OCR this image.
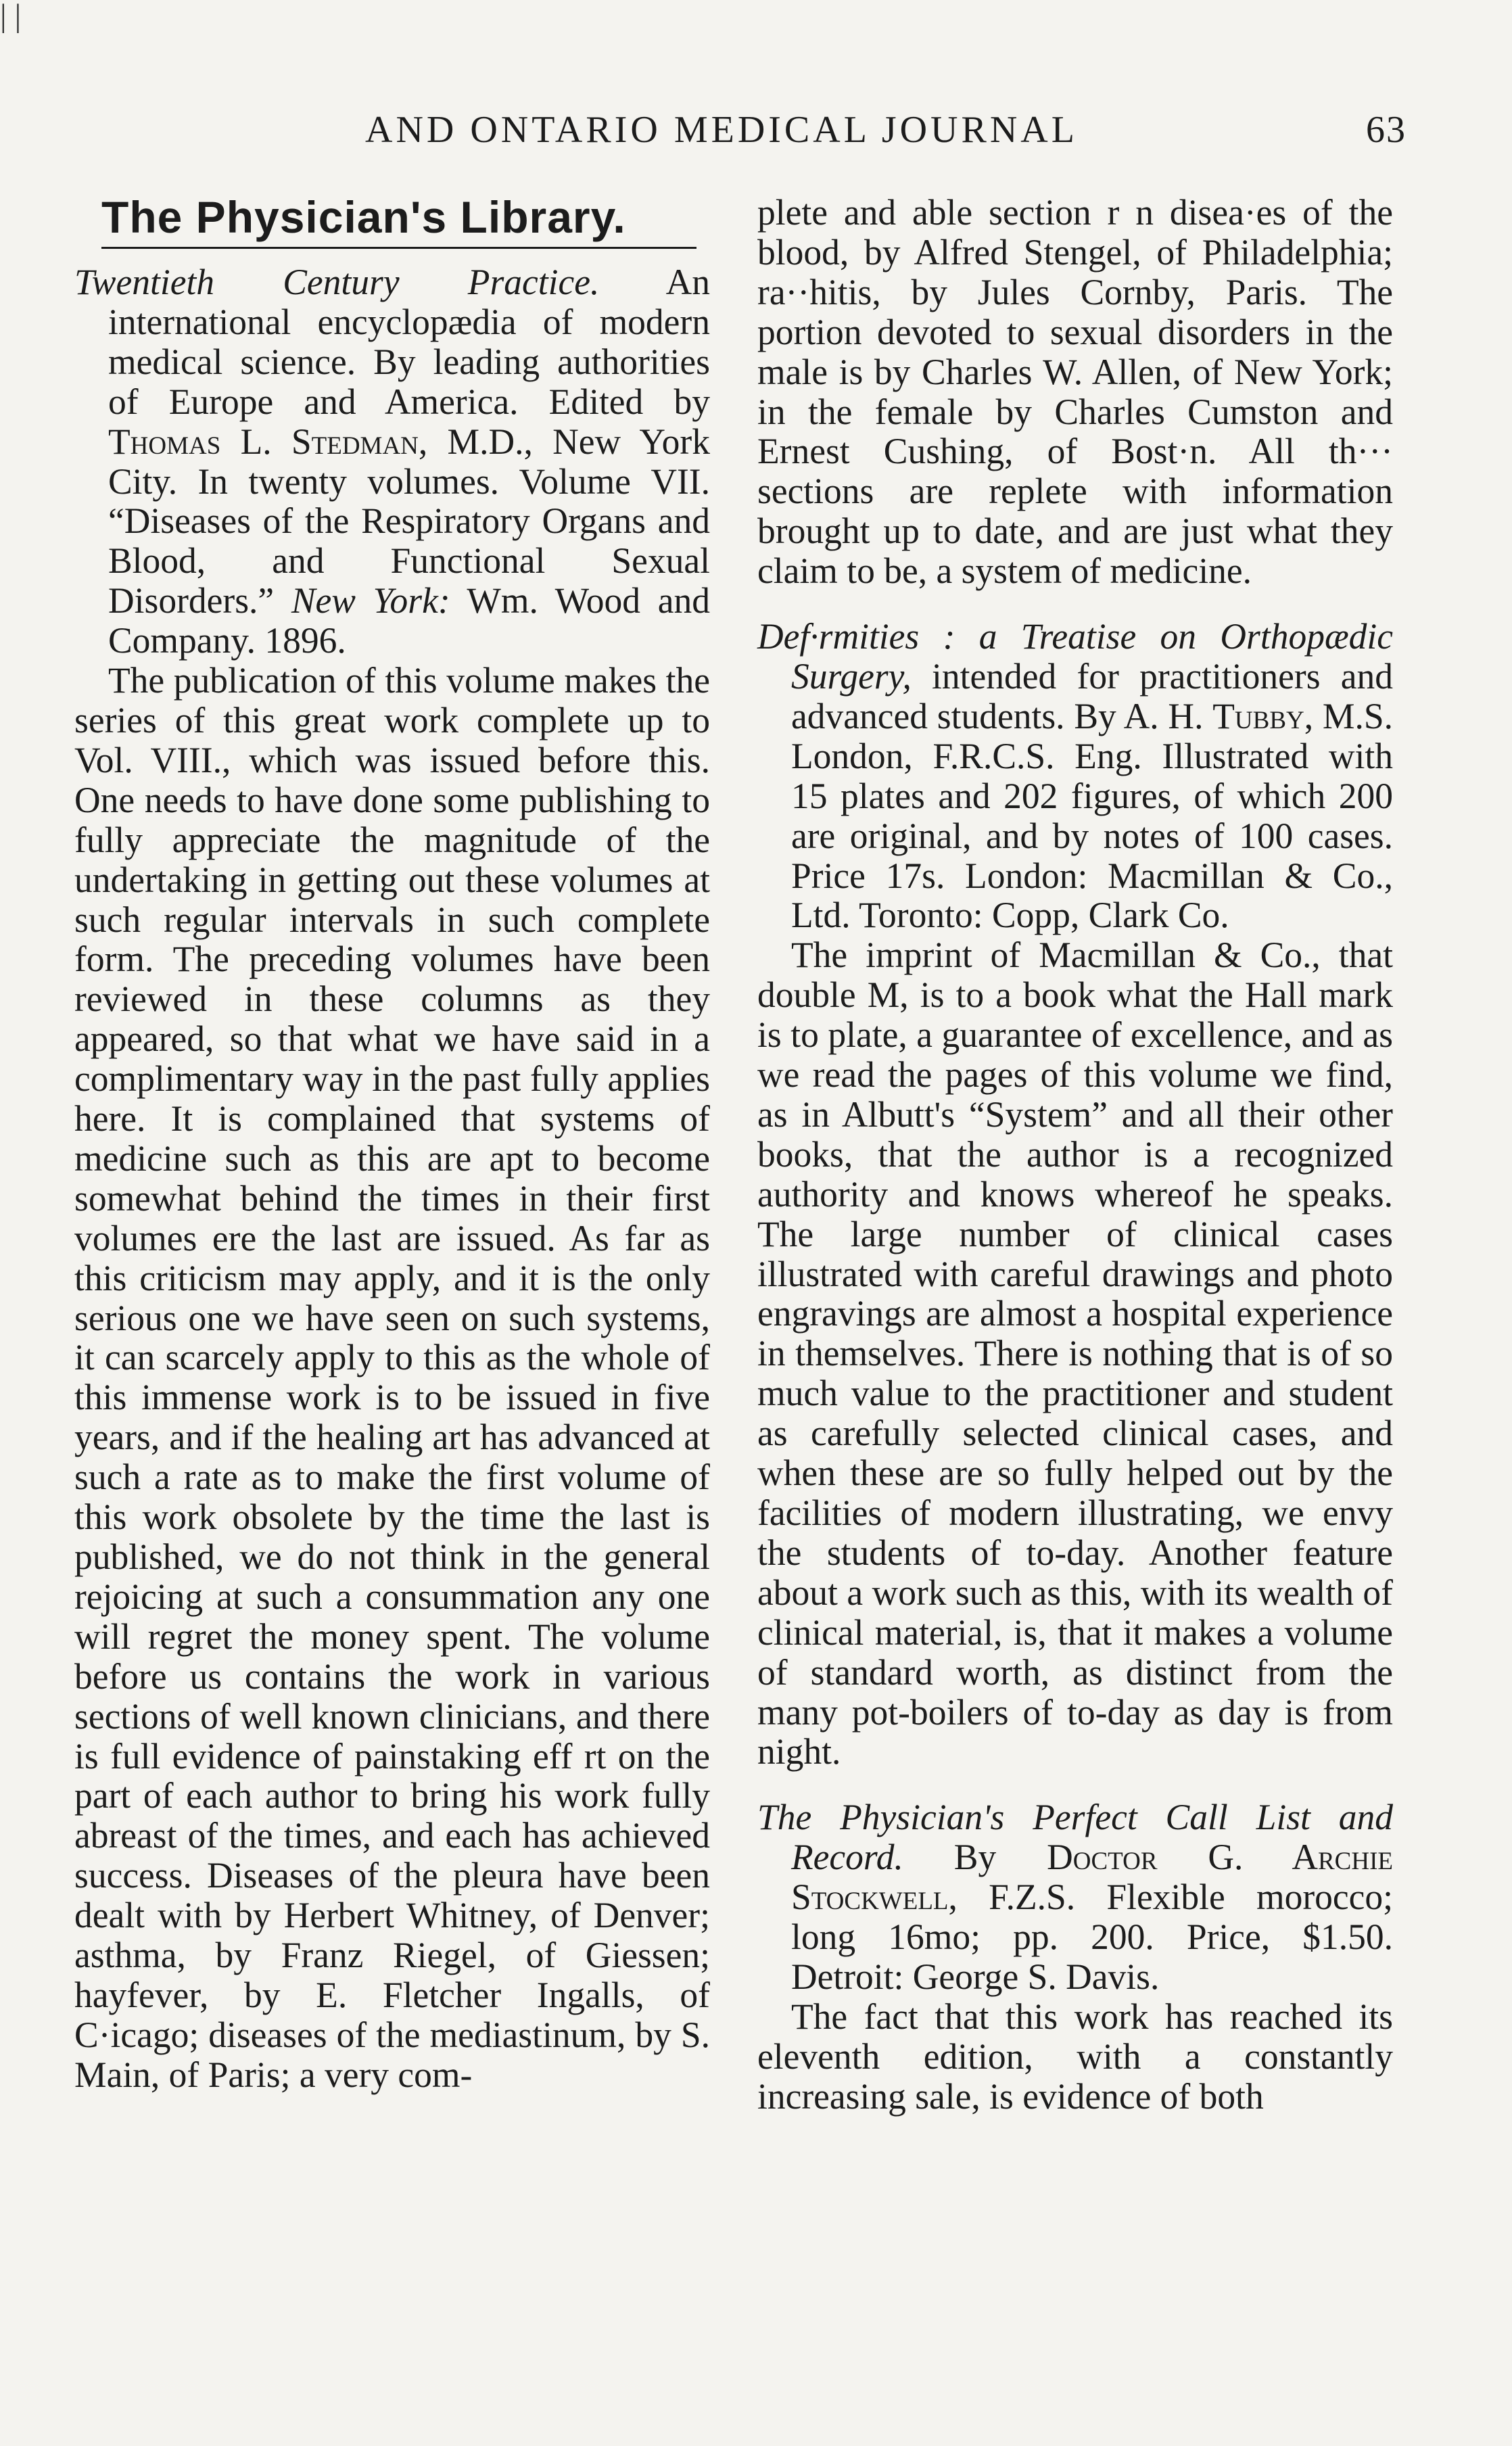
| |
AND ONTARIO MEDICAL JOURNAL	63
The Physician's Library.

Twentieth Century Practice. An international encyclopædia of modern medical science. By leading authorities of Europe and America. Edited by Thomas L. Stedman, M.D., New York City. In twenty volumes. Volume VII. “Diseases of the Respiratory Organs and Blood, and Functional Sexual Disorders.” New York: Wm. Wood and Company. 1896.

The publication of this volume makes the series of this great work complete up to Vol. VIII., which was issued before this. One needs to have done some publishing to fully appreciate the magnitude of the undertaking in getting out these volumes at such regular intervals in such complete form. The preceding volumes have been reviewed in these columns as they appeared, so that what we have said in a complimentary way in the past fully applies here. It is complained that systems of medicine such as this are apt to become somewhat behind the times in their first volumes ere the last are issued. As far as this criticism may apply, and it is the only serious one we have seen on such systems, it can scarcely apply to this as the whole of this immense work is to be issued in five years, and if the healing art has advanced at such a rate as to make the first volume of this work obsolete by the time the last is published, we do not think in the general rejoicing at such a consummation any one will regret the money spent. The volume before us contains the work in various sections of well known clinicians, and there is full evidence of painstaking eff rt on the part of each author to bring his work fully abreast of the times, and each has achieved success. Diseases of the pleura have been dealt with by Herbert Whitney, of Denver; asthma, by Franz Riegel, of Giessen; hayfever, by E. Fletcher Ingalls, of C·icago; diseases of the mediastinum, by S. Main, of Paris; a very com-

plete and able section r n disea·es of the blood, by Alfred Stengel, of Philadelphia; ra··hitis, by Jules Cornby, Paris. The portion devoted to sexual disorders in the male is by Charles W. Allen, of New York; in the female by Charles Cumston and Ernest Cushing, of Bost·n. All th··· sections are replete with information brought up to date, and are just what they claim to be, a system of medicine.

Def·rmities : a Treatise on Orthopædic Surgery, intended for practitioners and advanced students. By A. H. Tubby, M.S. London, F.R.C.S. Eng. Illustrated with 15 plates and 202 figures, of which 200 are original, and by notes of 100 cases. Price 17s. London: Macmillan & Co., Ltd. Toronto: Copp, Clark Co.

The imprint of Macmillan & Co., that double M, is to a book what the Hall mark is to plate, a guarantee of excellence, and as we read the pages of this volume we find, as in Albutt's “System” and all their other books, that the author is a recognized authority and knows whereof he speaks. The large number of clinical cases illustrated with careful drawings and photo engravings are almost a hospital experience in themselves. There is nothing that is of so much value to the practitioner and student as carefully selected clinical cases, and when these are so fully helped out by the facilities of modern illustrating, we envy the students of to-day. Another feature about a work such as this, with its wealth of clinical material, is, that it makes a volume of standard worth, as distinct from the many pot-boilers of to-day as day is from night.

The Physician's Perfect Call List and Record. By Doctor G. Archie Stockwell, F.Z.S. Flexible morocco; long 16mo; pp. 200. Price, $1.50. Detroit: George S. Davis.

The fact that this work has reached its eleventh edition, with a constantly increasing sale, is evidence of both
